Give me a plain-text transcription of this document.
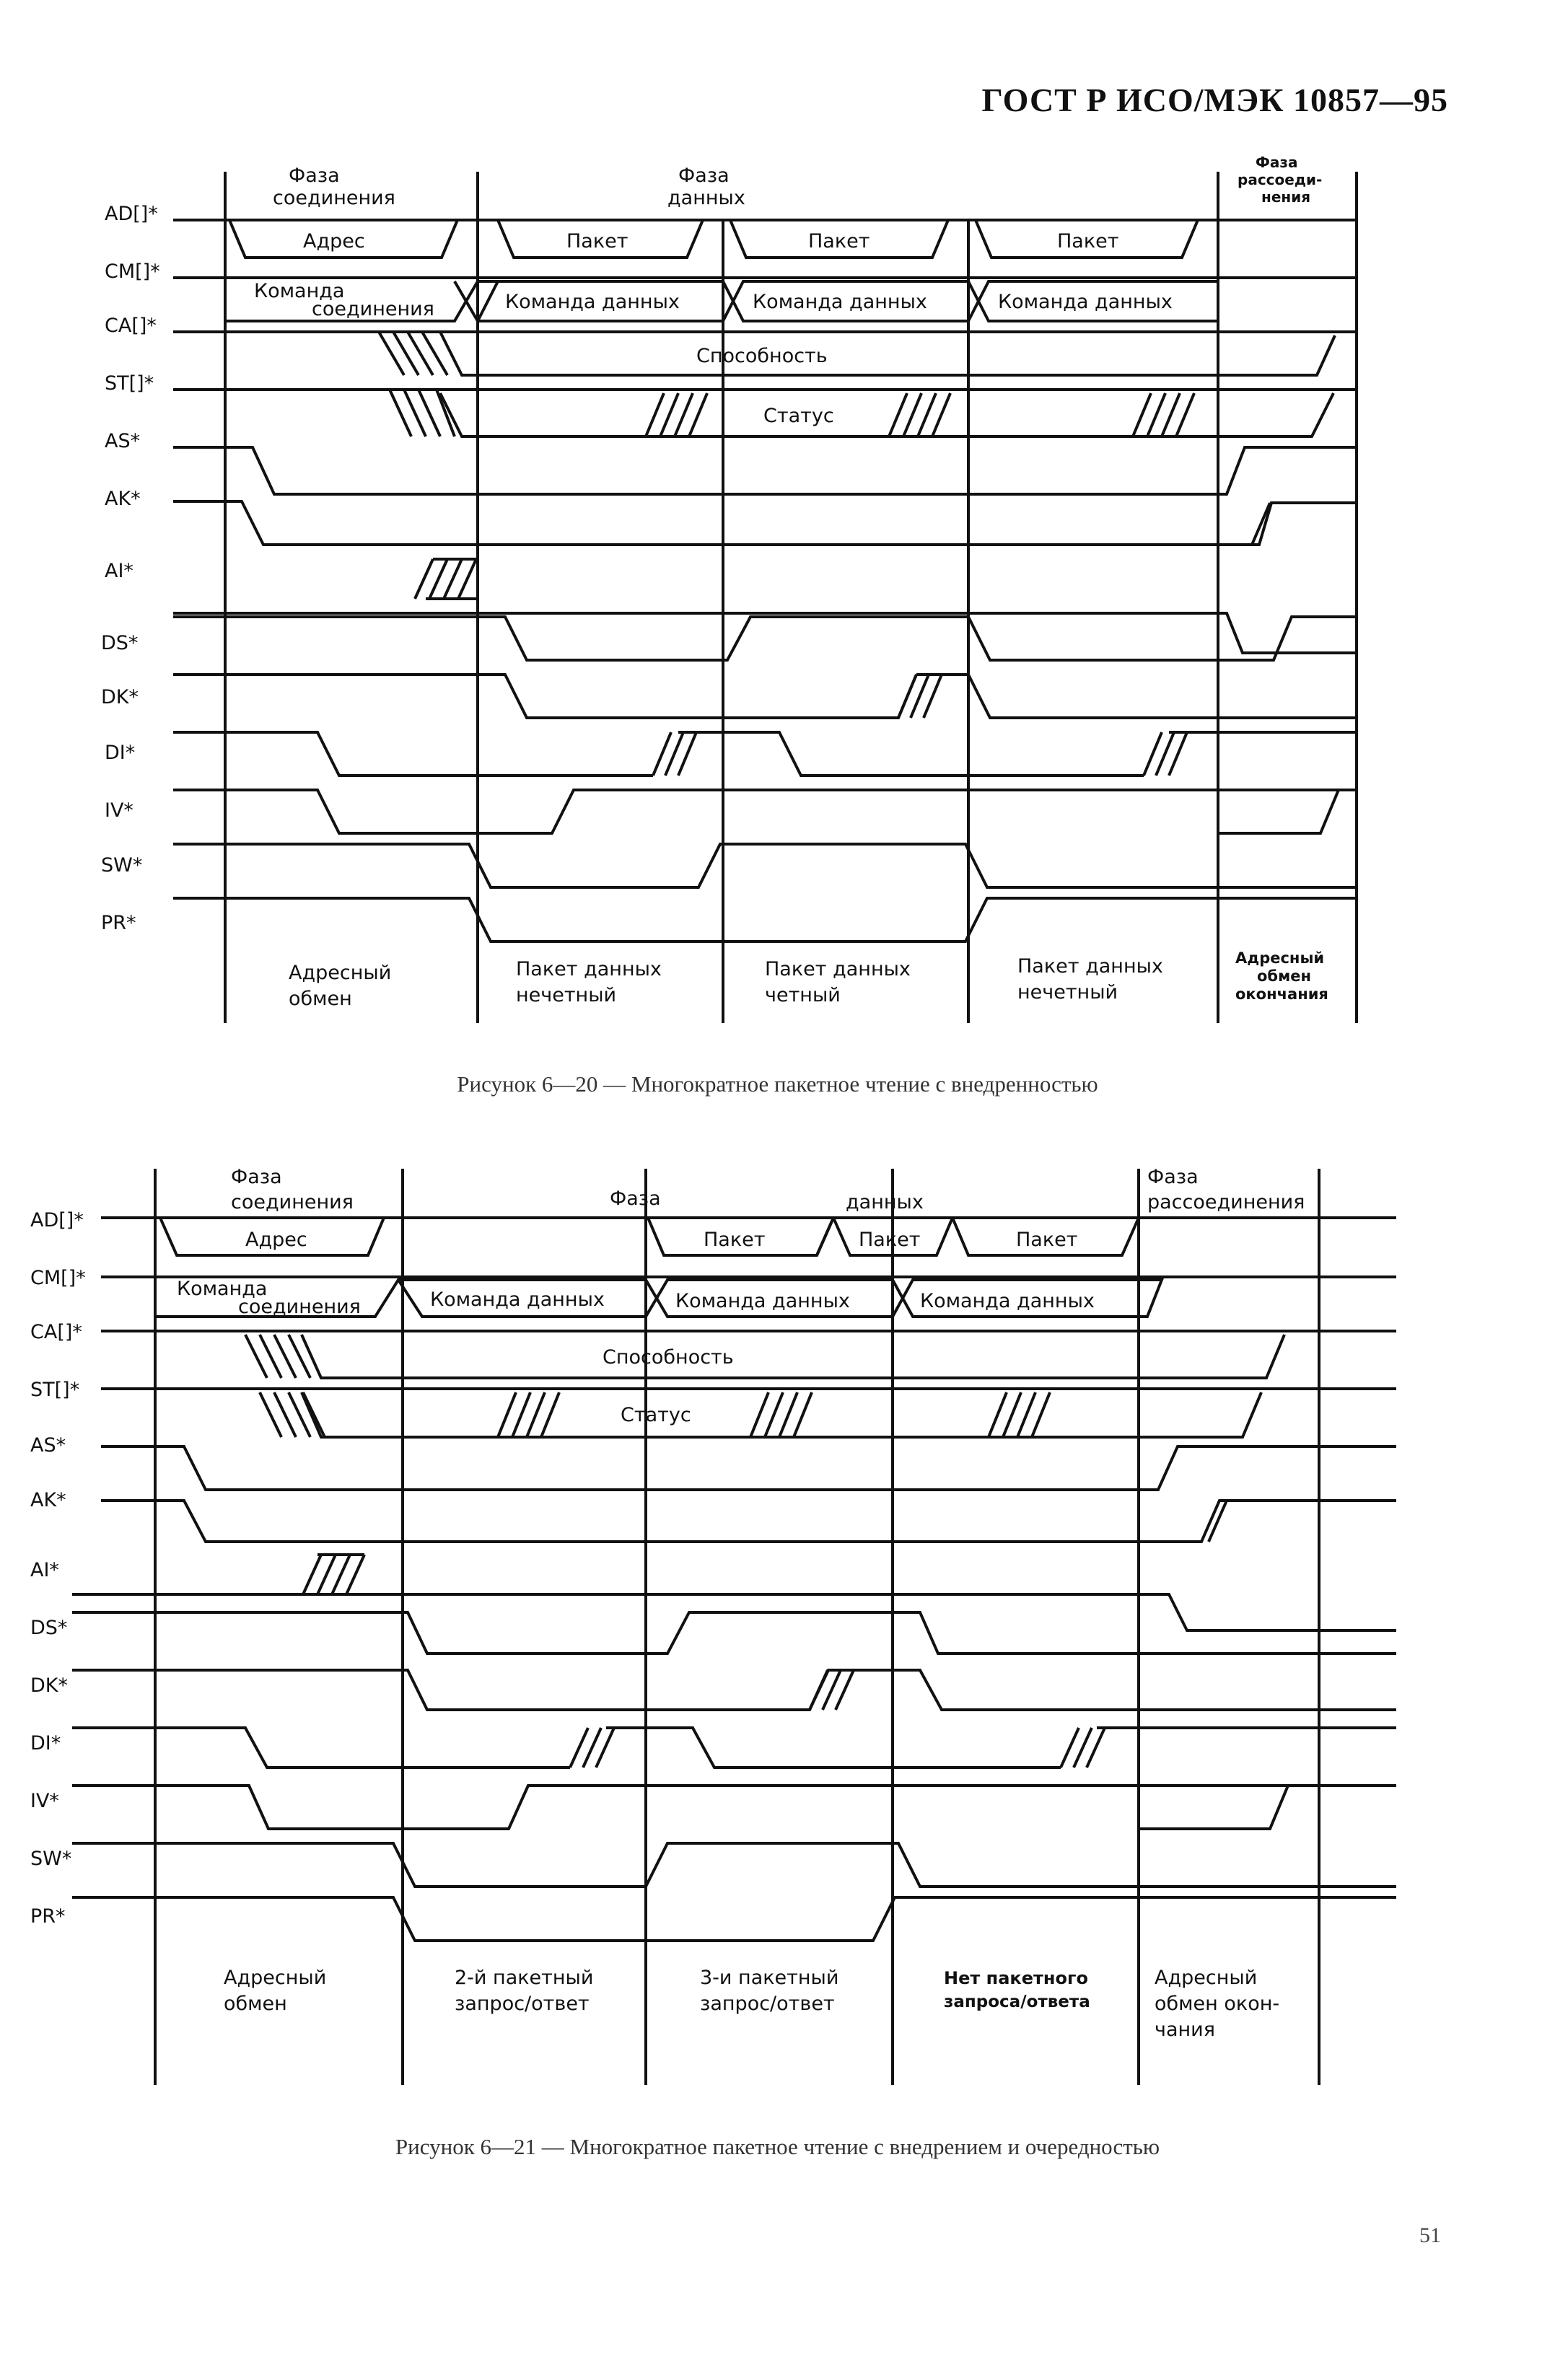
ГОСТ Р ИСО/МЭК 10857—95
Фаза
соединения
Фаза
данных
Фаза
рассоеди-
нения
Адрес	Пакет	Пакет	Пакет
Команда
соединения	Команда данных	Команда данных	Команда данных
Способность
Статус
AD[]*
CM[]*
CA[]*
ST[]*
AS*
AK*
AI*
DS*
DK*
DI*
IV*
SW*
PR*
Адресный
обмен
Пакет данных
нечетный
Пакет данных
четный
Пакет данных
нечетный
Адресный
обмен
окончания
Рисунок 6—20 — Многократное пакетное чтение с внедренностью
Фаза
соединения	Фаза	данных
Фаза
рассоединения
Адрес	Пакет	Пакет	Пакет
Команда
соединения	Команда данных	Команда данных	Команда данных
Способность
Статус
AD[]*
CM[]*
CA[]*
ST[]*
AS*
AK*
AI*
DS*
DK*
DI*
IV*
SW*
PR*
Адресный
обмен
2-й пакетный
запрос/ответ
3-и пакетный
запрос/ответ
Адресный
обмен окон-
чания
Нет пакетного
запроса/ответа
Рисунок 6—21 — Многократное пакетное чтение с внедрением и очередностью
51
